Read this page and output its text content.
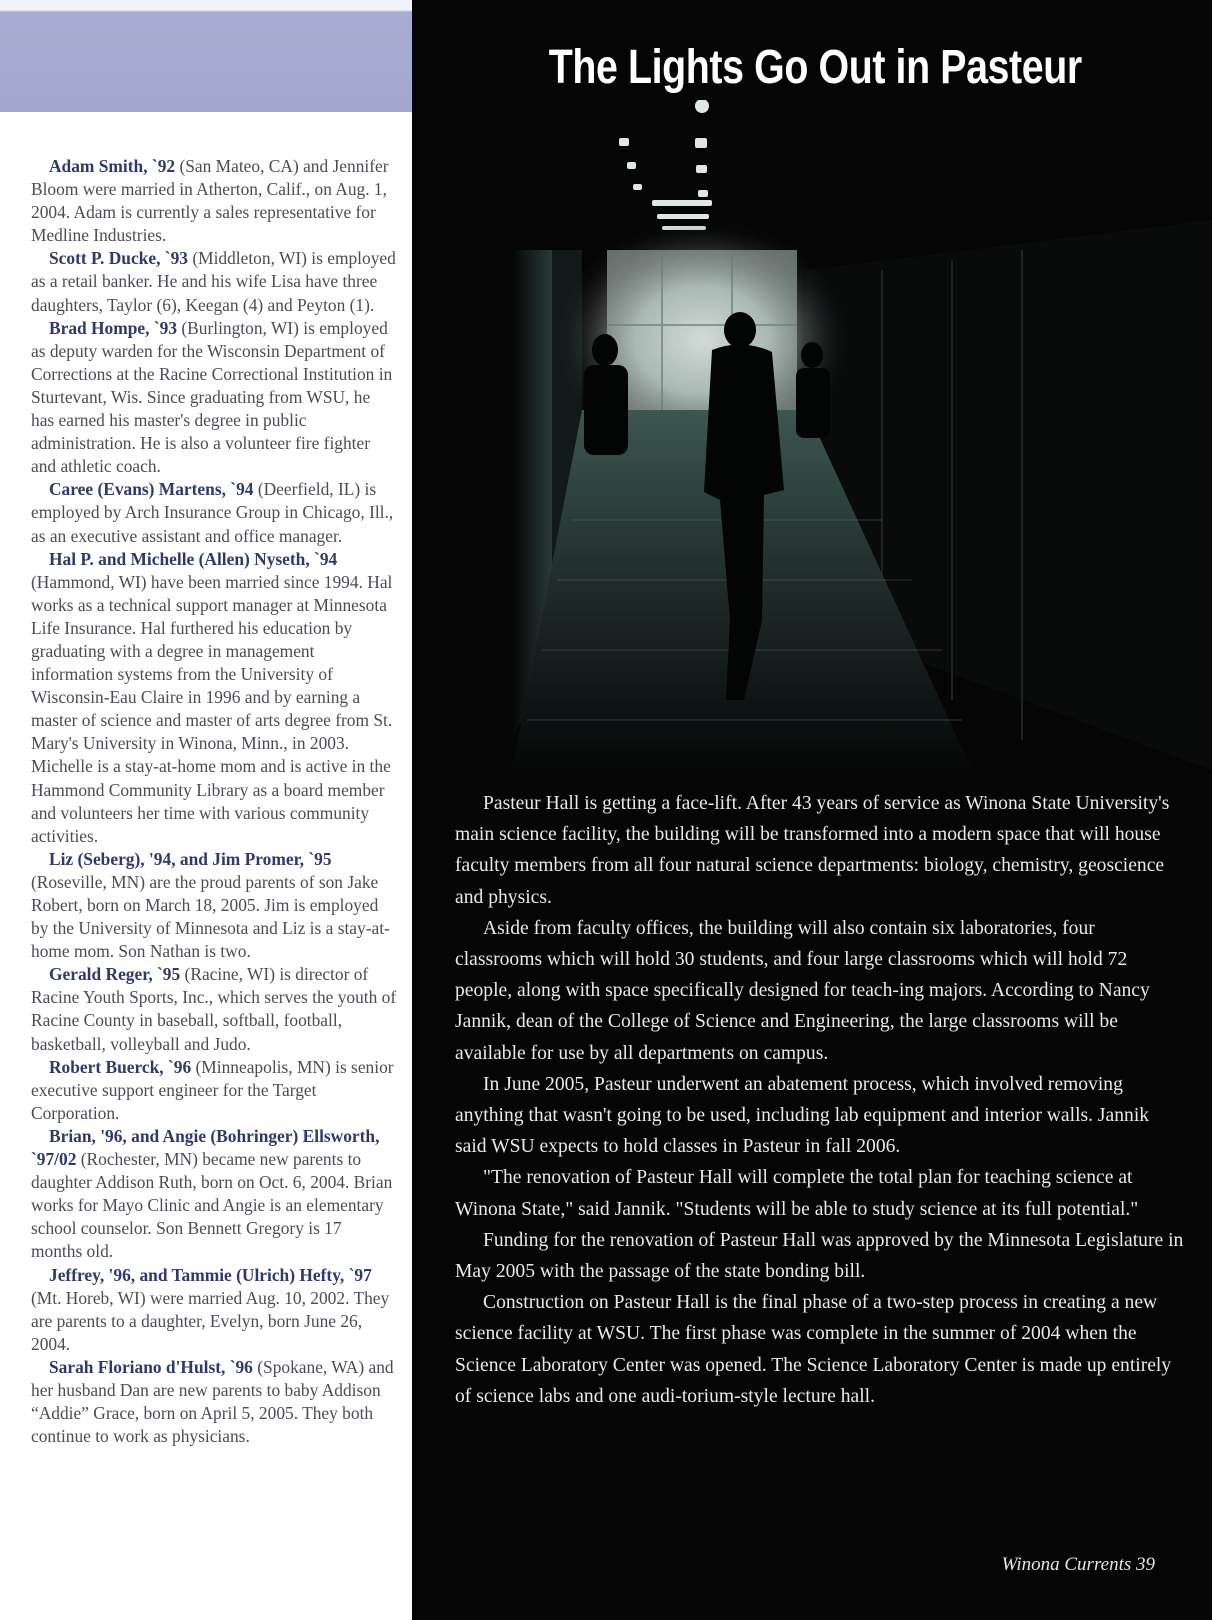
Adam Smith, `92 (San Mateo, CA) and Jennifer Bloom were married in Atherton, Calif., on Aug. 1, 2004. Adam is currently a sales representative for Medline Industries.

Scott P. Ducke, `93 (Middleton, WI) is employed as a retail banker. He and his wife Lisa have three daughters, Taylor (6), Keegan (4) and Peyton (1).

Brad Hompe, `93 (Burlington, WI) is employed as deputy warden for the Wisconsin Department of Corrections at the Racine Correctional Institution in Sturtevant, Wis. Since graduating from WSU, he has earned his master's degree in public administration. He is also a volunteer fire fighter and athletic coach.

Caree (Evans) Martens, `94 (Deerfield, IL) is employed by Arch Insurance Group in Chicago, Ill., as an executive assistant and office manager.

Hal P. and Michelle (Allen) Nyseth, `94 (Hammond, WI) have been married since 1994. Hal works as a technical support manager at Minnesota Life Insurance. Hal furthered his education by graduating with a degree in management information systems from the University of Wisconsin-Eau Claire in 1996 and by earning a master of science and master of arts degree from St. Mary's University in Winona, Minn., in 2003. Michelle is a stay-at-home mom and is active in the Hammond Community Library as a board member and volunteers her time with various community activities.

Liz (Seberg), '94, and Jim Promer, `95 (Roseville, MN) are the proud parents of son Jake Robert, born on March 18, 2005. Jim is employed by the University of Minnesota and Liz is a stay-at-home mom. Son Nathan is two.

Gerald Reger, `95 (Racine, WI) is director of Racine Youth Sports, Inc., which serves the youth of Racine County in baseball, softball, football, basketball, volleyball and Judo.

Robert Buerck, `96 (Minneapolis, MN) is senior executive support engineer for the Target Corporation.

Brian, '96, and Angie (Bohringer) Ellsworth, `97/02 (Rochester, MN) became new parents to daughter Addison Ruth, born on Oct. 6, 2004. Brian works for Mayo Clinic and Angie is an elementary school counselor. Son Bennett Gregory is 17 months old.

Jeffrey, '96, and Tammie (Ulrich) Hefty, `97 (Mt. Horeb, WI) were married Aug. 10, 2002. They are parents to a daughter, Evelyn, born June 26, 2004.

Sarah Floriano d'Hulst, `96 (Spokane, WA) and her husband Dan are new parents to baby Addison “Addie” Grace, born on April 5, 2005. They both continue to work as physicians.

The Lights Go Out in Pasteur

Pasteur Hall is getting a face-lift. After 43 years of service as Winona State University's main science facility, the building will be transformed into a modern space that will house faculty members from all four natural science departments: biology, chemistry, geoscience and physics.

Aside from faculty offices, the building will also contain six laboratories, four classrooms which will hold 30 students, and four large classrooms which will hold 72 people, along with space specifically designed for teach-ing majors. According to Nancy Jannik, dean of the College of Science and Engineering, the large classrooms will be available for use by all departments on campus.

In June 2005, Pasteur underwent an abatement process, which involved removing anything that wasn't going to be used, including lab equipment and interior walls. Jannik said WSU expects to hold classes in Pasteur in fall 2006.

"The renovation of Pasteur Hall will complete the total plan for teaching science at Winona State," said Jannik. "Students will be able to study science at its full potential."

Funding for the renovation of Pasteur Hall was approved by the Minnesota Legislature in May 2005 with the passage of the state bonding bill.

Construction on Pasteur Hall is the final phase of a two-step process in creating a new science facility at WSU. The first phase was complete in the summer of 2004 when the Science Laboratory Center was opened. The Science Laboratory Center is made up entirely of science labs and one audi-torium-style lecture hall.

Winona Currents 39
